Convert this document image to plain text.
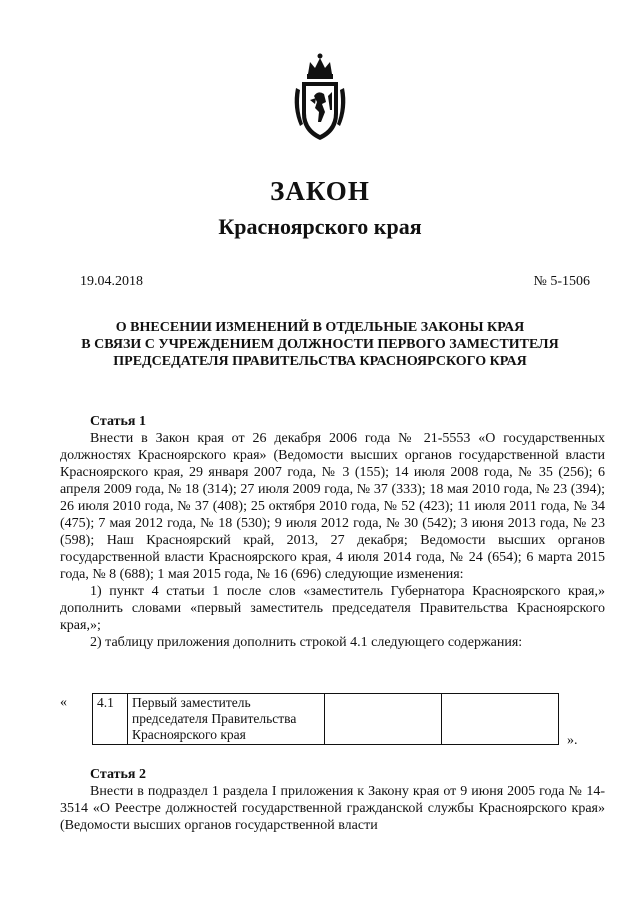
ЗАКОН
Красноярского края
19.04.2018	№ 5-1506
О ВНЕСЕНИИ ИЗМЕНЕНИЙ В ОТДЕЛЬНЫЕ ЗАКОНЫ КРАЯ
В СВЯЗИ С УЧРЕЖДЕНИЕМ ДОЛЖНОСТИ ПЕРВОГО ЗАМЕСТИТЕЛЯ
ПРЕДСЕДАТЕЛЯ ПРАВИТЕЛЬСТВА КРАСНОЯРСКОГО КРАЯ
Статья 1
Внести в Закон края от 26 декабря 2006 года № 21-5553 «О государственных должностях Красноярского края» (Ведомости высших органов государственной власти Красноярского края, 29 января 2007 года, № 3 (155); 14 июля 2008 года, № 35 (256); 6 апреля 2009 года, № 18 (314); 27 июля 2009 года, № 37 (333); 18 мая 2010 года, № 23 (394); 26 июля 2010 года, № 37 (408); 25 октября 2010 года, № 52 (423); 11 июля 2011 года, № 34 (475); 7 мая 2012 года, № 18 (530); 9 июля 2012 года, № 30 (542); 3 июня 2013 года, № 23 (598); Наш Красноярский край, 2013, 27 декабря; Ведомости высших органов государственной власти Красноярского края, 4 июля 2014 года, № 24 (654); 6 марта 2015 года, № 8 (688); 1 мая 2015 года, № 16 (696) следующие изменения:
1) пункт 4 статьи 1 после слов «заместитель Губернатора Красноярского края,» дополнить словами «первый заместитель председателя Правительства Красноярского края,»;
2) таблицу приложения дополнить строкой 4.1 следующего содержания:
« 4.1	Первый заместитель председателя Правительства Красноярского края			».
Статья 2
Внести в подраздел 1 раздела I приложения к Закону края от 9 июня 2005 года № 14-3514 «О Реестре должностей государственной гражданской службы Красноярского края» (Ведомости высших органов государственной власти
